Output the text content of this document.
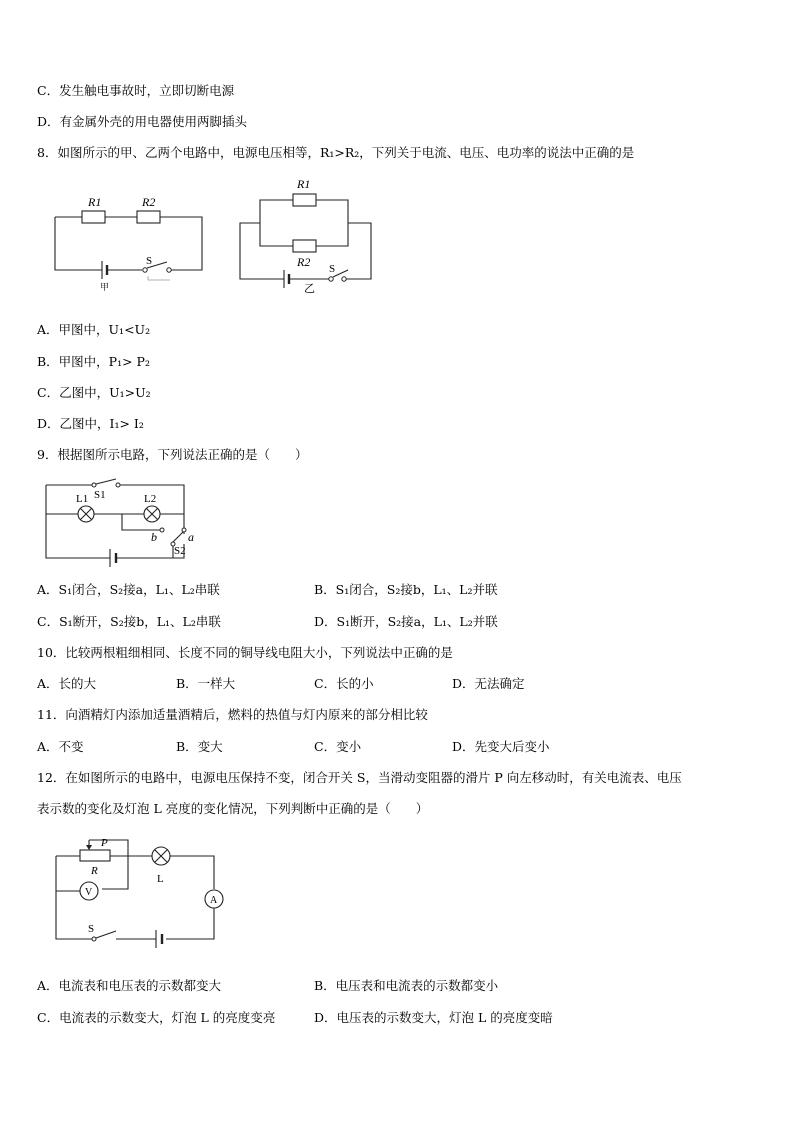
C．发生触电事故时，立即切断电源
D．有金属外壳的用电器使用两脚插头
8．如图所示的甲、乙两个电路中，电源电压相等，R₁>R₂，下列关于电流、电压、电功率的说法中正确的是
R1	R2
S
甲
R1
R2 S
乙
A．甲图中，U₁<U₂
B．甲图中，P₁> P₂
C．乙图中，U₁>U₂
D．乙图中，I₁> I₂
9．根据图所示电路，下列说法正确的是（　　）
L1 S1	L2
b	a
S2
A．S₁闭合，S₂接a，L₁、L₂串联	B．S₁闭合，S₂接b，L₁、L₂并联
C．S₁断开，S₂接b，L₁、L₂串联	D．S₁断开，S₂接a，L₁、L₂并联
10．比较两根粗细相同、长度不同的铜导线电阻大小，下列说法中正确的是
A．长的大	B．一样大	C．长的小	D．无法确定
11．向酒精灯内添加适量酒精后，燃料的热值与灯内原来的部分相比较
A．不变	B．变大	C．变小	D．先变大后变小
12．在如图所示的电路中，电源电压保持不变，闭合开关 S，当滑动变阻器的滑片 P 向左移动时，有关电流表、电压
表示数的变化及灯泡 L 亮度的变化情况，下列判断中正确的是（　　）
P
R
V
L
A
S
A．电流表和电压表的示数都变大	B．电压表和电流表的示数都变小
C．电流表的示数变大，灯泡 L 的亮度变亮	D．电压表的示数变大，灯泡 L 的亮度变暗
